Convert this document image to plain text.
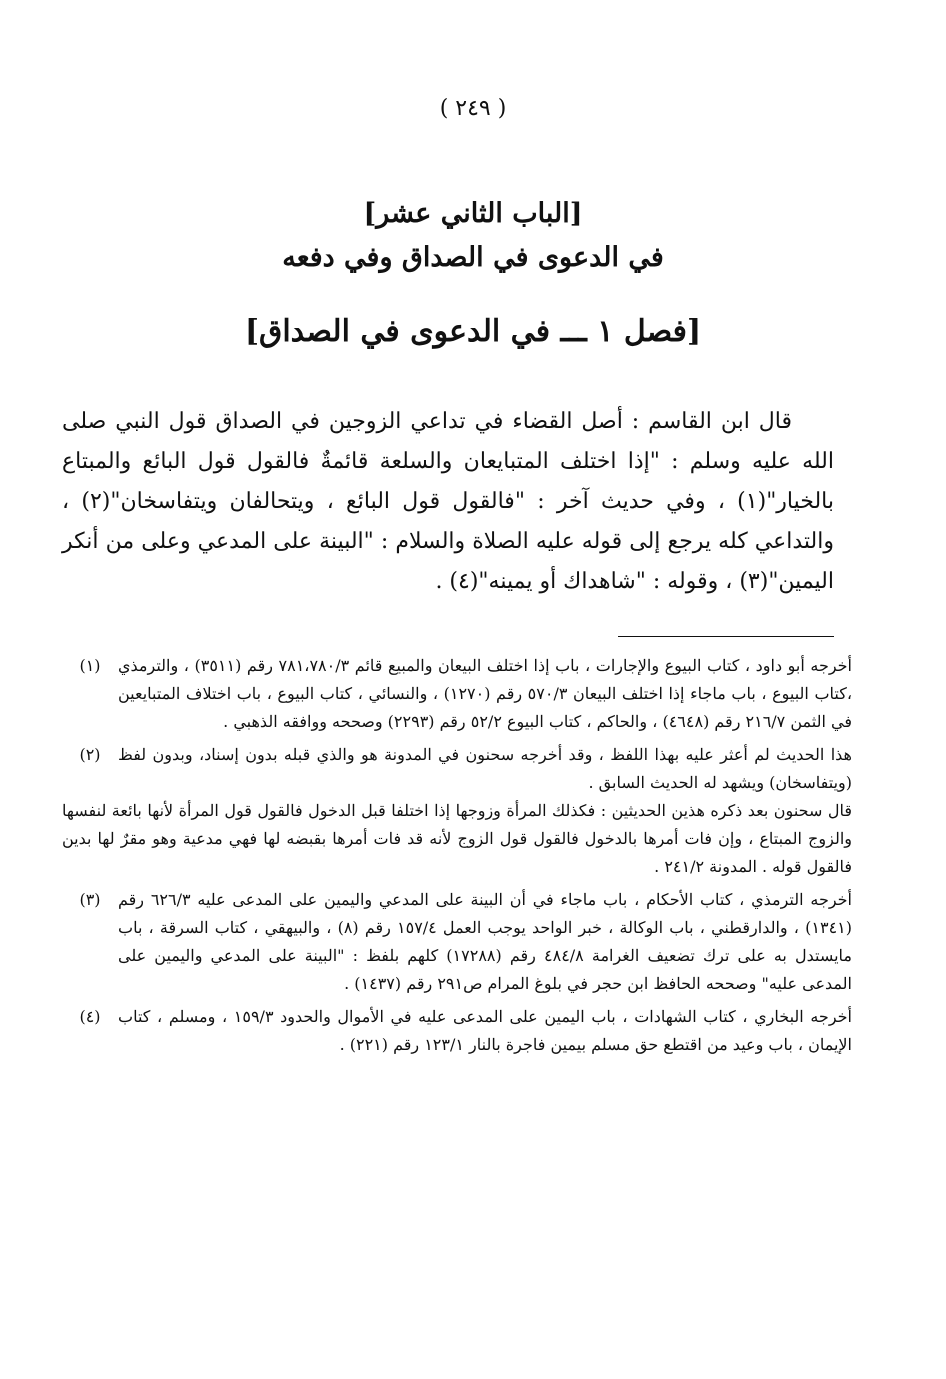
( ٢٤٩ )
[الباب الثاني عشر]
في الدعوى في الصداق وفي دفعه
[فصل ١ ـــ في الدعوى في الصداق]

قال ابن القاسم : أصل القضاء في تداعي الزوجين في الصداق قول النبي صلى الله عليه وسلم : "إذا اختلف المتبايعان والسلعة قائمةٌ فالقول قول البائع والمبتاع بالخيار"(١) ، وفي حديث آخر : "فالقول قول البائع ، ويتحالفان ويتفاسخان"(٢) ، والتداعي كله يرجع إلى قوله عليه الصلاة والسلام : "البينة على المدعي وعلى من أنكر اليمين"(٣) ، وقوله : "شاهداك أو يمينه"(٤) .

(١)	أخرجه أبو داود ، كتاب البيوع والإجارات ، باب إذا اختلف البيعان والمبيع قائم ٧٨١،٧٨٠/٣ رقم (٣٥١١) ، والترمذي ،كتاب البيوع ، باب ماجاء إذا اختلف البيعان ٥٧٠/٣ رقم (١٢٧٠) ، والنسائي ، كتاب البيوع ، باب اختلاف المتبايعين في الثمن ٢١٦/٧ رقم (٤٦٤٨) ، والحاكم ، كتاب البيوع ٥٢/٢ رقم (٢٢٩٣) وصححه ووافقه الذهبي .

(٢)	هذا الحديث لم أعثر عليه بهذا اللفظ ، وقد أخرجه سحنون في المدونة هو والذي قبله بدون إسناد، وبدون لفظ (ويتفاسخان) ويشهد له الحديث السابق .

قال سحنون بعد ذكره هذين الحديثين : فكذلك المرأة وزوجها إذا اختلفا قبل الدخول فالقول قول المرأة لأنها بائعة لنفسها والزوج المبتاع ، وإن فات أمرها بالدخول فالقول قول الزوج لأنه قد فات أمرها بقبضه لها فهي مدعية وهو مقرٌ لها بدين فالقول قوله . المدونة ٢٤١/٢ .

(٣)	أخرجه الترمذي ، كتاب الأحكام ، باب ماجاء في أن البينة على المدعي واليمين على المدعى عليه ٦٢٦/٣ رقم (١٣٤١) ، والدارقطني ، باب الوكالة ، خبر الواحد يوجب العمل ١٥٧/٤ رقم (٨) ، والبيهقي ، كتاب السرقة ، باب مايستدل به على ترك تضعيف الغرامة ٤٨٤/٨ رقم (١٧٢٨٨) كلهم بلفظ : "البينة على المدعي واليمين على المدعى عليه" وصححه الحافظ ابن حجر في بلوغ المرام ص٢٩١ رقم (١٤٣٧) .

(٤)	أخرجه البخاري ، كتاب الشهادات ، باب اليمين على المدعى عليه في الأموال والحدود ١٥٩/٣ ، ومسلم ، كتاب الإيمان ، باب وعيد من اقتطع حق مسلم بيمين فاجرة بالنار ١٢٣/١ رقم (٢٢١) .
